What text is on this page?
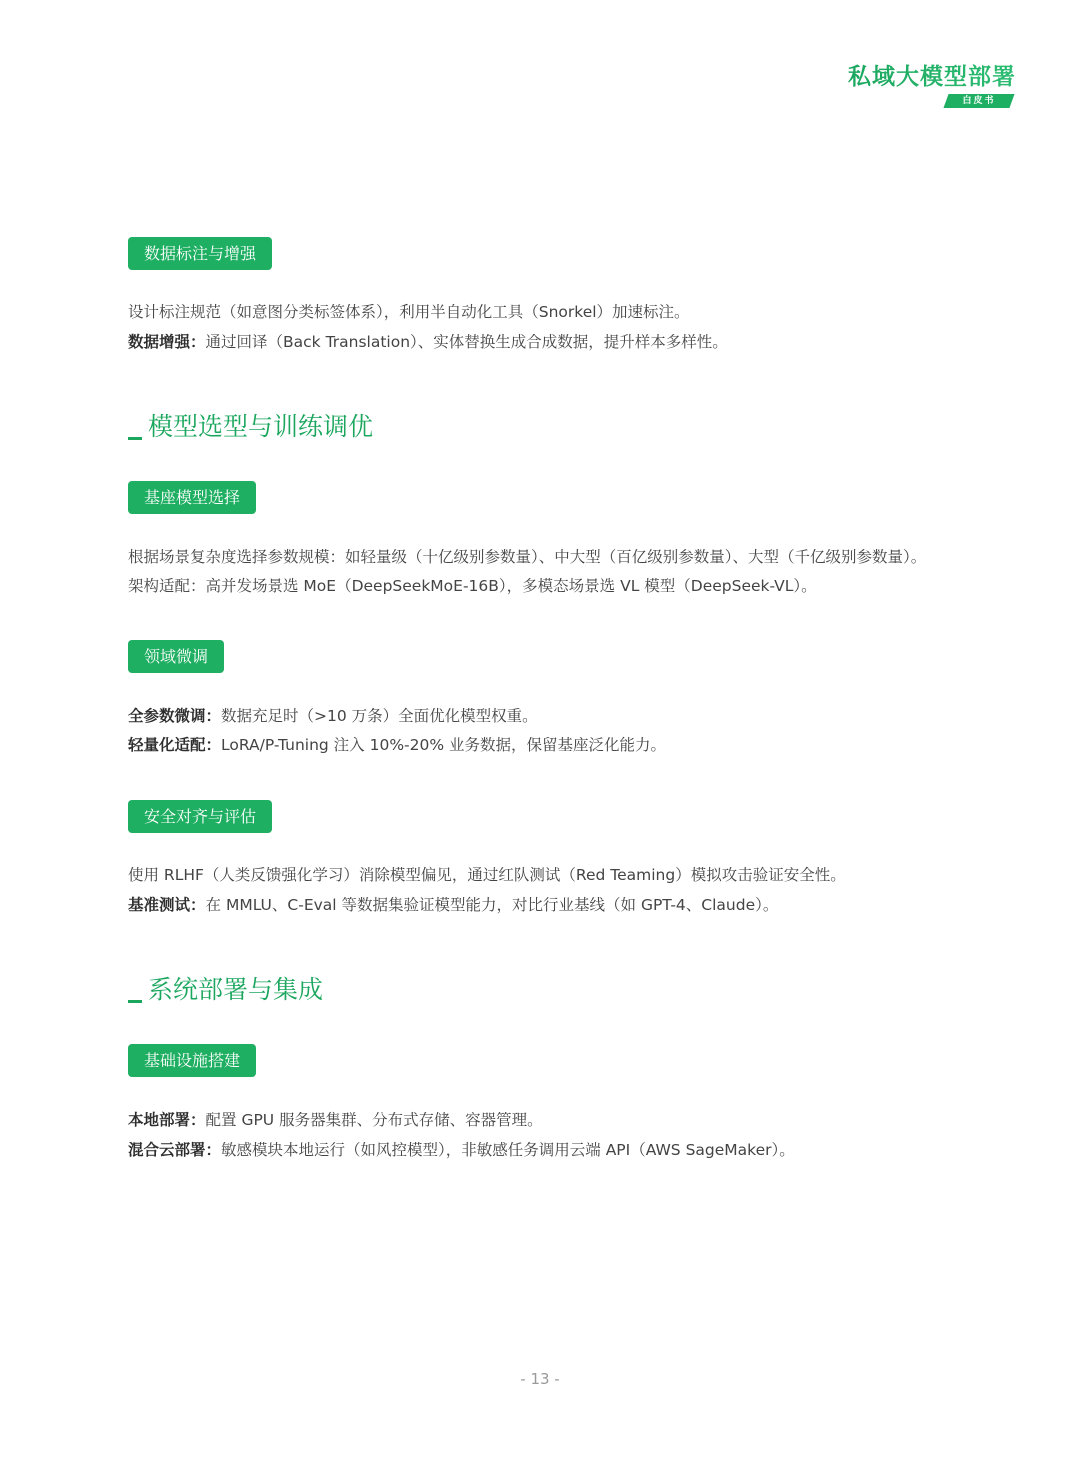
私域大模型部署
白皮书
数据标注与增强
设计标注规范（如意图分类标签体系），利用半自动化工具（Snorkel）加速标注。
数据增强：通过回译（Back Translation）、实体替换生成合成数据，提升样本多样性。
模型选型与训练调优
基座模型选择
根据场景复杂度选择参数规模：如轻量级（十亿级别参数量）、中大型（百亿级别参数量）、大型（千亿级别参数量）。
架构适配：高并发场景选 MoE（DeepSeekMoE-16B），多模态场景选 VL 模型（DeepSeek-VL）。
领域微调
全参数微调：数据充足时（>10 万条）全面优化模型权重。
轻量化适配：LoRA/P-Tuning 注入 10%-20% 业务数据，保留基座泛化能力。
安全对齐与评估
使用 RLHF（人类反馈强化学习）消除模型偏见，通过红队测试（Red Teaming）模拟攻击验证安全性。
基准测试：在 MMLU、C-Eval 等数据集验证模型能力，对比行业基线（如 GPT-4、Claude）。
系统部署与集成
基础设施搭建
本地部署：配置 GPU 服务器集群、分布式存储、容器管理。
混合云部署：敏感模块本地运行（如风控模型），非敏感任务调用云端 API（AWS SageMaker）。
- 13 -
